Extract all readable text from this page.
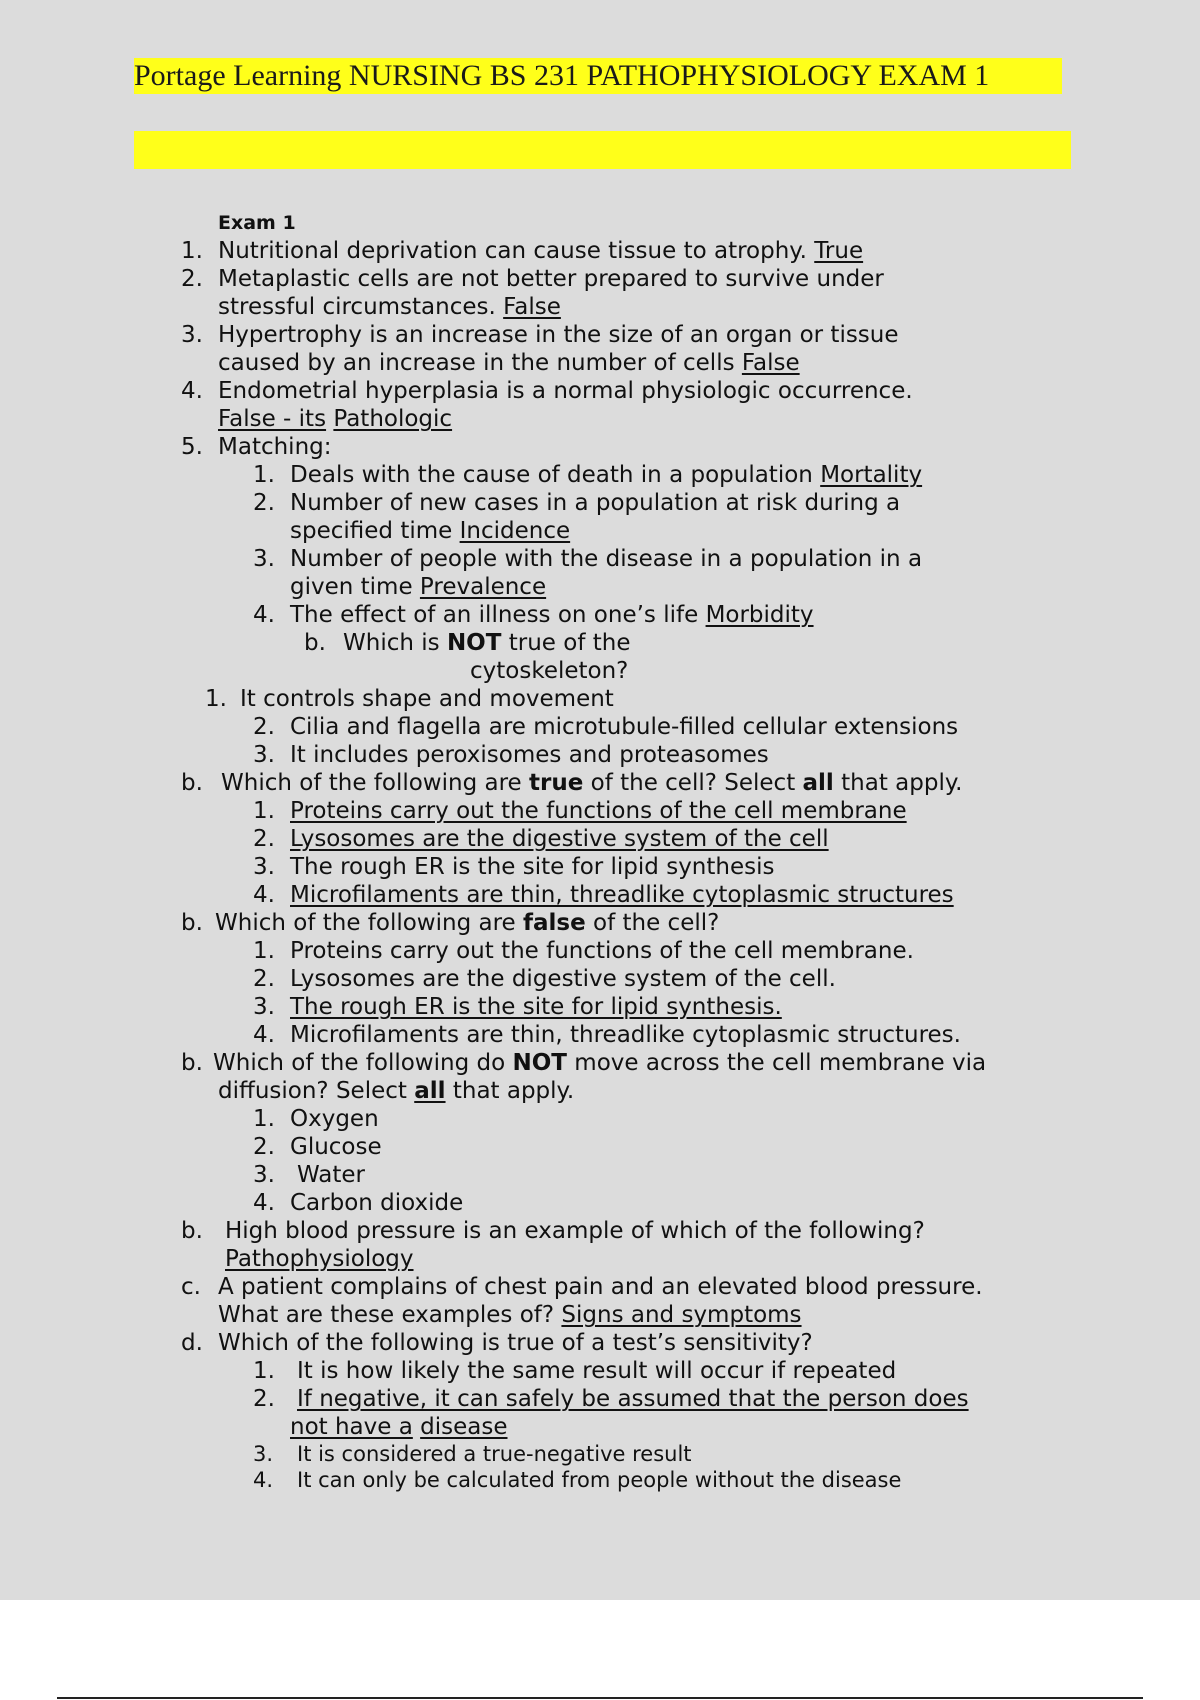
Portage Learning NURSING BS 231 PATHOPHYSIOLOGY EXAM 1
Exam 1
1. Nutritional deprivation can cause tissue to atrophy. True
2. Metaplastic cells are not better prepared to survive under
stressful circumstances. False
3. Hypertrophy is an increase in the size of an organ or tissue
caused by an increase in the number of cells False
4. Endometrial hyperplasia is a normal physiologic occurrence.
False - its Pathologic
5. Matching:
1. Deals with the cause of death in a population Mortality
2. Number of new cases in a population at risk during a
specified time Incidence
3. Number of people with the disease in a population in a
given time Prevalence
4. The effect of an illness on one’s life Morbidity
b. Which is NOT true of the
cytoskeleton?
1. It controls shape and movement
2. Cilia and flagella are microtubule-filled cellular extensions
3. It includes peroxisomes and proteasomes
b. Which of the following are true of the cell? Select all that apply.
1. Proteins carry out the functions of the cell membrane
2. Lysosomes are the digestive system of the cell
3. The rough ER is the site for lipid synthesis
4. Microfilaments are thin, threadlike cytoplasmic structures
b. Which of the following are false of the cell?
1. Proteins carry out the functions of the cell membrane.
2. Lysosomes are the digestive system of the cell.
3. The rough ER is the site for lipid synthesis.
4. Microfilaments are thin, threadlike cytoplasmic structures.
b. Which of the following do NOT move across the cell membrane via
diffusion? Select all that apply.
1. Oxygen
2. Glucose
3. Water
4. Carbon dioxide
b. High blood pressure is an example of which of the following?
Pathophysiology
c. A patient complains of chest pain and an elevated blood pressure.
What are these examples of? Signs and symptoms
d. Which of the following is true of a test’s sensitivity?
1. It is how likely the same result will occur if repeated
2. If negative, it can safely be assumed that the person does
not have a disease
3. It is considered a true-negative result
4. It can only be calculated from people without the disease
